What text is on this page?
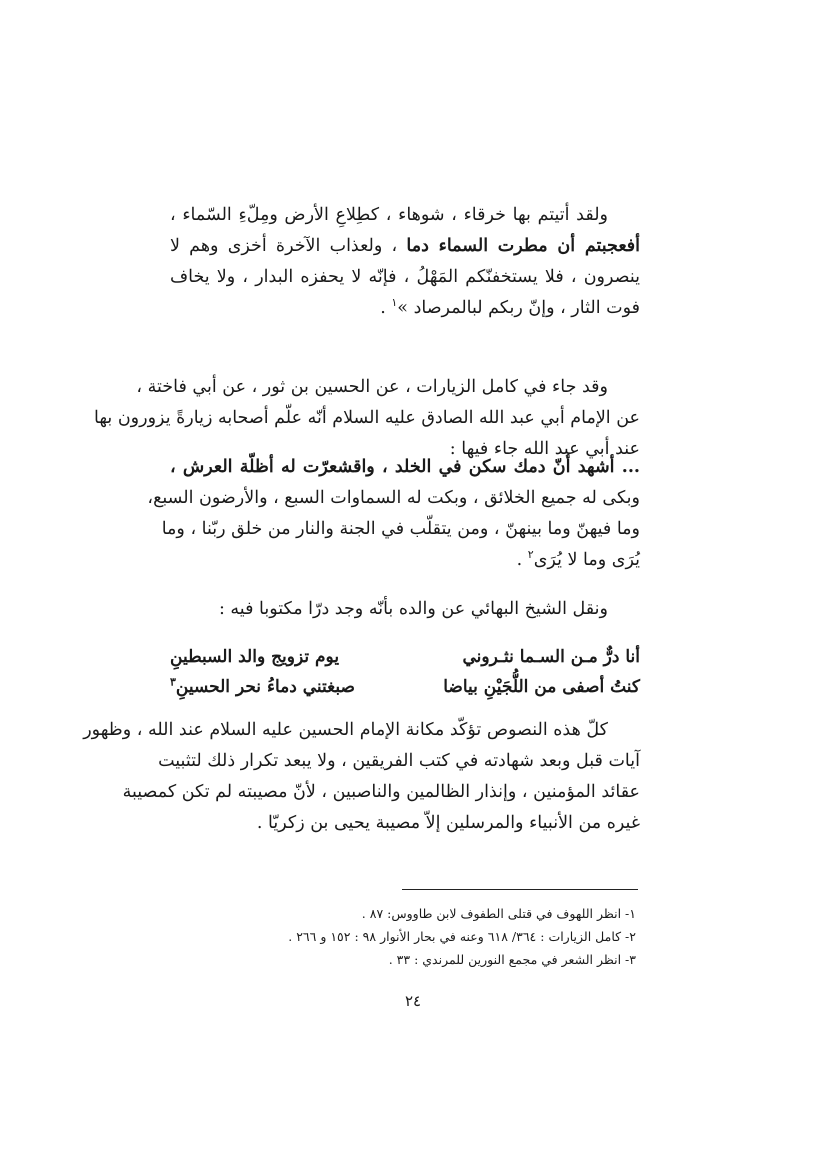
ولقد أتيتم بها خرقاء ، شوهاء ، كطِلاعِ الأرض ومِلّءِ السّماء ،
أفعجبتم أن مطرت السماء دما ، ولعذاب الآخرة أخزى وهم لا
ينصرون ، فلا يستخفنّكم المَهْلُ ، فإنّه لا يحفزه البدار ، ولا يخاف
فوت الثار ، وإنّ ربكم لبالمرصاد »$^١$ .
وقد جاء في كامل الزيارات ، عن الحسين بن ثور ، عن أبي فاختة ،
عن الإمام أبي عبد الله الصادق عليه السلام أنّه علّم أصحابه زيارةً يزورون بها
عند أبي عبد الله جاء فيها :
... أشهد أنّ دمك سكن في الخلد ، واقشعرّت له أظلّة العرش ،
وبكى له جميع الخلائق ، وبكت له السماوات السبع ، والأرضون السبع،
وما فيهنّ وما بينهنّ ، ومن يتقلّب في الجنة والنار من خلق ربّنا ، وما
يُرَى وما لا يُرَى$^٢$ .
ونقل الشيخ البهائي عن والده بأنّه وجد درّا مكتوبا فيه :
أنا درٌّ مـن السـما نثـروني
يوم تزويج والد السبطينِ
كنتُ أصفى من اللُّجَيْنِ بياضا
صبغتني دماءُ نحر الحسينِ$^٣$
كلّ هذه النصوص تؤكّد مكانة الإمام الحسين عليه السلام عند الله ، وظهور
آيات قبل وبعد شهادته في كتب الفريقين ، ولا يبعد تكرار ذلك لتثبيت
عقائد المؤمنين ، وإنذار الظالمين والناصبين ، لأنّ مصيبته لم تكن كمصيبة
غيره من الأنبياء والمرسلين إلاّ مصيبة يحيى بن زكريّا .
١- انظر اللهوف في قتلى الطفوف لابن طاووس: ٨٧ .
٢- كامل الزيارات : ٣٦٤/ ٦١٨ وعنه في بحار الأنوار ٩٨ : ١٥٢ و ٢٦٦ .
٣- انظر الشعر في مجمع النورين للمرندي : ٣٣ .
٢٤
